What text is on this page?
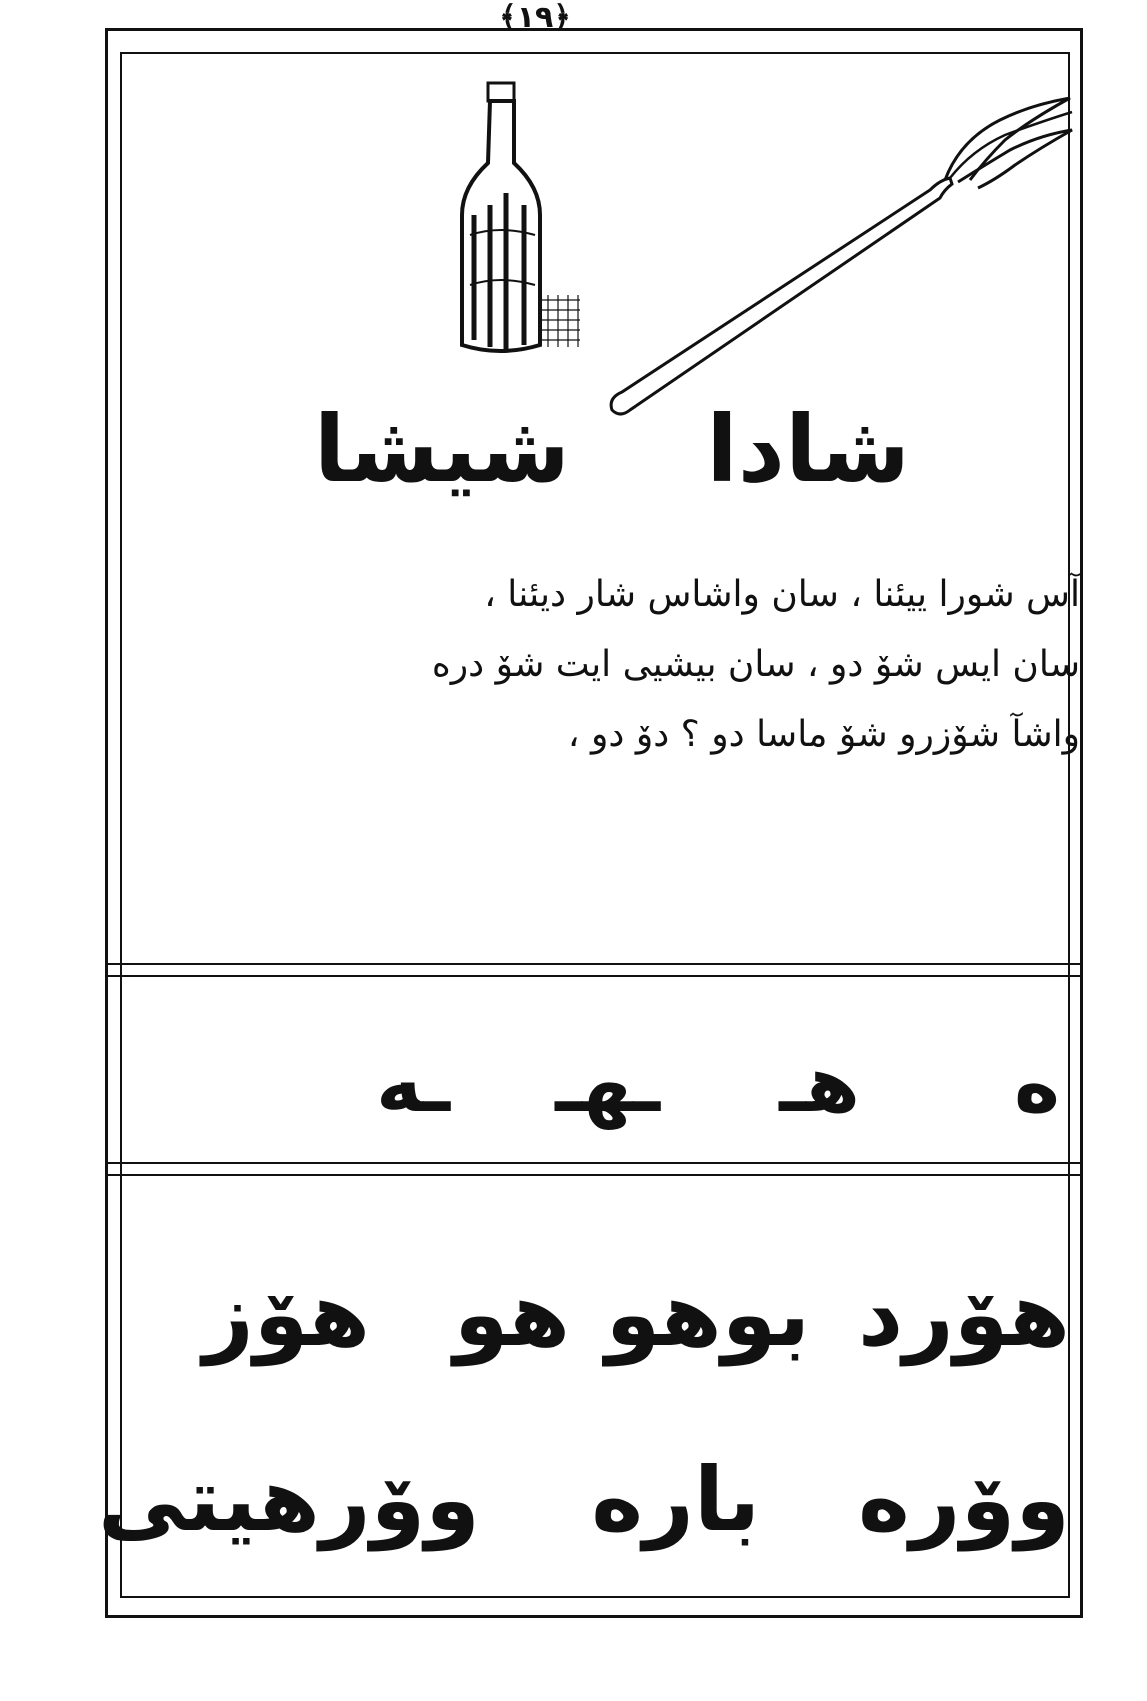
﴿١٩﴾
شادا
شيشا
آس شورا ییئنا ، سان واشاس شار دیئنا ،
سان ایس شۆ دو ، سان بیشیی ایت شۆ دره
واشآ شۆزرو شۆ ماسا دو ؟ دۆ دو ،
ه
هـ
ـهـ
ـه
هۆرد
بوهو
هو
هۆز
وۆره
باره
وۆرهیتی
